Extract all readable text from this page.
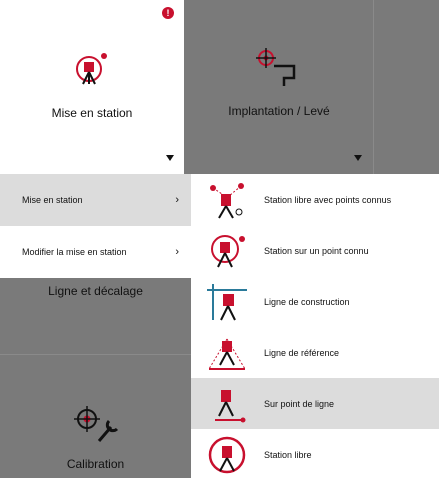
!
Mise en station	Implantation / Levé
Ligne et décalage
Calibration
Mise en station	›
Modifier la mise en station	›
Station libre avec points connus
Station sur un point connu
Ligne de construction
Ligne de référence
Sur point de ligne
Station libre
